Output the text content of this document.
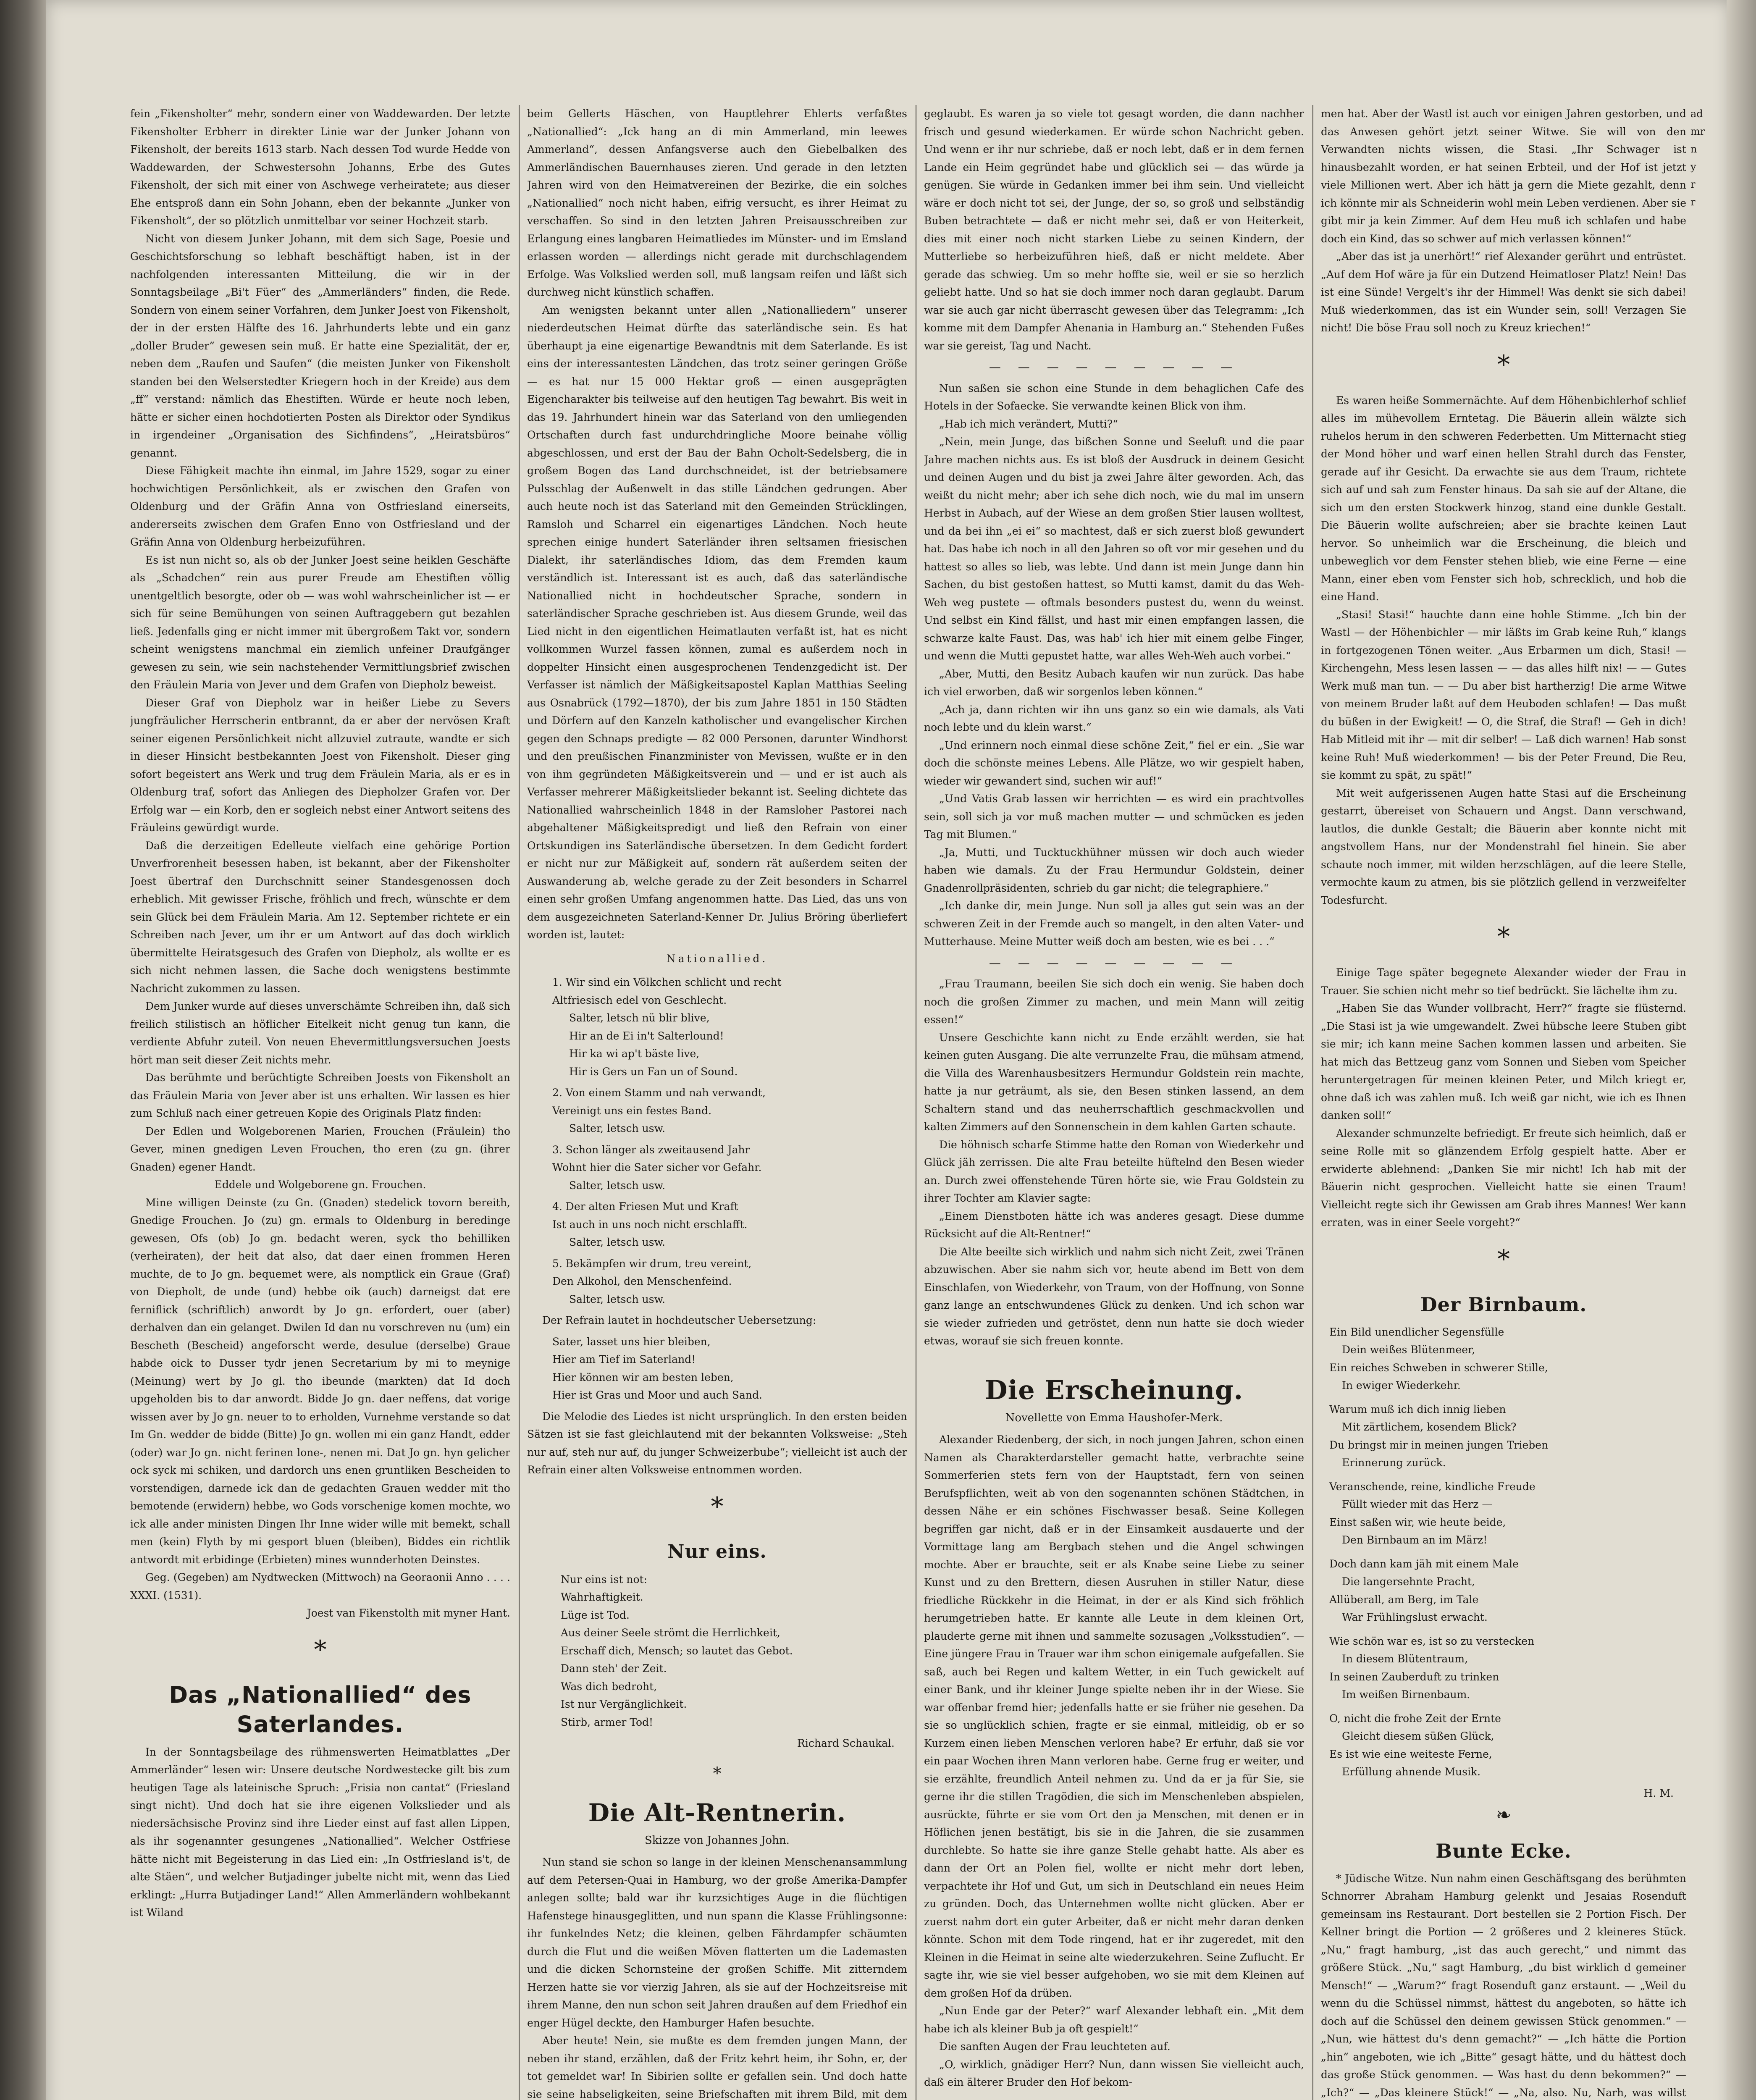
fein „Fikensholter“ mehr, sondern einer von Waddewarden. Der letzte Fikensholter Erbherr in direkter Linie war der Junker Johann von Fikensholt, der bereits 1613 starb. Nach dessen Tod wurde Hedde von Waddewarden, der Schwestersohn Johanns, Erbe des Gutes Fikensholt, der sich mit einer von Aschwege verheiratete; aus dieser Ehe entsproß dann ein Sohn Johann, eben der bekannte „Junker von Fikensholt“, der so plötzlich unmittelbar vor seiner Hochzeit starb.

Nicht von diesem Junker Johann, mit dem sich Sage, Poesie und Geschichtsforschung so lebhaft beschäftigt haben, ist in der nachfolgenden interessanten Mitteilung, die wir in der Sonntagsbeilage „Bi't Füer“ des „Ammerländers“ finden, die Rede. Sondern von einem seiner Vorfahren, dem Junker Joest von Fikensholt, der in der ersten Hälfte des 16. Jahrhunderts lebte und ein ganz „doller Bruder“ gewesen sein muß. Er hatte eine Spezialität, der er, neben dem „Raufen und Saufen“ (die meisten Junker von Fikensholt standen bei den Welserstedter Kriegern hoch in der Kreide) aus dem „ff“ verstand: nämlich das Ehestiften. Würde er heute noch leben, hätte er sicher einen hochdotierten Posten als Direktor oder Syndikus in irgendeiner „Organisation des Sichfindens“, „Heiratsbüros“ genannt.

Diese Fähigkeit machte ihn einmal, im Jahre 1529, sogar zu einer hochwichtigen Persönlichkeit, als er zwischen den Grafen von Oldenburg und der Gräfin Anna von Ostfriesland einerseits, andererseits zwischen dem Grafen Enno von Ostfriesland und der Gräfin Anna von Oldenburg herbeizuführen.

Es ist nun nicht so, als ob der Junker Joest seine heiklen Geschäfte als „Schadchen“ rein aus purer Freude am Ehestiften völlig unentgeltlich besorgte, oder ob — was wohl wahrscheinlicher ist — er sich für seine Bemühungen von seinen Auftraggebern gut bezahlen ließ. Jedenfalls ging er nicht immer mit übergroßem Takt vor, sondern scheint wenigstens manchmal ein ziemlich unfeiner Draufgänger gewesen zu sein, wie sein nachstehender Vermittlungsbrief zwischen den Fräulein Maria von Jever und dem Grafen von Diepholz beweist.

Dieser Graf von Diepholz war in heißer Liebe zu Severs jungfräulicher Herrscherin entbrannt, da er aber der nervösen Kraft seiner eigenen Persönlichkeit nicht allzuviel zutraute, wandte er sich in dieser Hinsicht bestbekannten Joest von Fikensholt. Dieser ging sofort begeistert ans Werk und trug dem Fräulein Maria, als er es in Oldenburg traf, sofort das Anliegen des Diepholzer Grafen vor. Der Erfolg war — ein Korb, den er sogleich nebst einer Antwort seitens des Fräuleins gewürdigt wurde.

Daß die derzeitigen Edelleute vielfach eine gehörige Portion Unverfrorenheit besessen haben, ist bekannt, aber der Fikensholter Joest übertraf den Durchschnitt seiner Standesgenossen doch erheblich. Mit gewisser Frische, fröhlich und frech, wünschte er dem sein Glück bei dem Fräulein Maria. Am 12. September richtete er ein Schreiben nach Jever, um ihr er um Antwort auf das doch wirklich übermittelte Heiratsgesuch des Grafen von Diepholz, als wollte er es sich nicht nehmen lassen, die Sache doch wenigstens bestimmte Nachricht zukommen zu lassen.

Dem Junker wurde auf dieses unverschämte Schreiben ihn, daß sich freilich stilistisch an höflicher Eitelkeit nicht genug tun kann, die verdiente Abfuhr zuteil. Von neuen Ehevermittlungsversuchen Joests hört man seit dieser Zeit nichts mehr.

Das berühmte und berüchtigte Schreiben Joests von Fikensholt an das Fräulein Maria von Jever aber ist uns erhalten. Wir lassen es hier zum Schluß nach einer getreuen Kopie des Originals Platz finden:

Der Edlen und Wolgeborenen Marien, Frouchen (Fräulein) tho Gever, minen gnedigen Leven Frouchen, tho eren (zu gn. (ihrer Gnaden) egener Handt.

Eddele und Wolgeborene gn. Frouchen.

Mine willigen Deinste (zu Gn. (Gnaden) stedelick tovorn bereith, Gnedige Frouchen. Jo (zu) gn. ermals to Oldenburg in beredinge gewesen, Ofs (ob) Jo gn. bedacht weren, syck tho behilliken (verheiraten), der heit dat also, dat daer einen frommen Heren muchte, de to Jo gn. bequemet were, als nomptlick ein Graue (Graf) von Diepholt, de unde (und) hebbe oik (auch) darneigst dat ere ferniflick (schriftlich) anwordt by Jo gn. erfordert, ouer (aber) derhalven dan ein gelanget. Dwilen Id dan nu vorschreven nu (um) ein Bescheth (Bescheid) angeforscht werde, desulue (derselbe) Graue habde oick to Dusser tydr jenen Secretarium by mi to meynige (Meinung) wert by Jo gl. tho ibeunde (markten) dat Id doch upgeholden bis to dar anwordt. Bidde Jo gn. daer neffens, dat vorige wissen aver by Jo gn. neuer to to erholden, Vurnehme verstande so dat Im Gn. wedder de bidde (Bitte) Jo gn. wollen mi ein ganz Handt, edder (oder) war Jo gn. nicht ferinen lone-, nenen mi. Dat Jo gn. hyn gelicher ock syck mi schiken, und dardorch uns enen gruntliken Bescheiden to vorstendigen, darnede ick dan de gedachten Grauen wedder mit tho bemotende (erwidern) hebbe, wo Gods vorschenige komen mochte, wo ick alle ander ministen Dingen Ihr Inne wider wille mit bemekt, schall men (kein) Flyth by mi gesport bluen (bleiben), Biddes ein richtlik antwordt mit erbidinge (Erbieten) mines wunnderhoten Deinstes.

Geg. (Gegeben) am Nydtwecken (Mittwoch) na Georaonii Anno . . . . XXXI. (1531).

Joest van Fikenstolth mit myner Hant.

*
Das „Nationallied“ des Saterlandes.

In der Sonntagsbeilage des rühmenswerten Heimatblattes „Der Ammerländer“ lesen wir: Unsere deutsche Nordwestecke gilt bis zum heutigen Tage als lateinische Spruch: „Frisia non cantat“ (Friesland singt nicht). Und doch hat sie ihre eigenen Volkslieder und als niedersächsische Provinz sind ihre Lieder einst auf fast allen Lippen, als ihr sogenannter gesungenes „Nationallied“. Welcher Ostfriese hätte nicht mit Begeisterung in das Lied ein: „In Ostfriesland is't, de alte Stäen“, und welcher Butjadinger jubelte nicht mit, wenn das Lied erklingt: „Hurra Butjadinger Land!“ Allen Ammerländern wohlbekannt ist Wiland

beim Gellerts Häschen, von Hauptlehrer Ehlerts verfaßtes „Nationallied“: „Ick hang an di min Ammerland, min leewes Ammerland“, dessen Anfangsverse auch den Giebelbalken des Ammerländischen Bauernhauses zieren. Und gerade in den letzten Jahren wird von den Heimatvereinen der Bezirke, die ein solches „Nationallied“ noch nicht haben, eifrig versucht, es ihrer Heimat zu verschaffen. So sind in den letzten Jahren Preisausschreiben zur Erlangung eines langbaren Heimatliedes im Münster- und im Emsland erlassen worden — allerdings nicht gerade mit durchschlagendem Erfolge. Was Volkslied werden soll, muß langsam reifen und läßt sich durchweg nicht künstlich schaffen.

Am wenigsten bekannt unter allen „Nationalliedern“ unserer niederdeutschen Heimat dürfte das saterländische sein. Es hat überhaupt ja eine eigenartige Bewandtnis mit dem Saterlande. Es ist eins der interessantesten Ländchen, das trotz seiner geringen Größe — es hat nur 15 000 Hektar groß — einen ausgeprägten Eigencharakter bis teilweise auf den heutigen Tag bewahrt. Bis weit in das 19. Jahrhundert hinein war das Saterland von den umliegenden Ortschaften durch fast undurchdringliche Moore beinahe völlig abgeschlossen, und erst der Bau der Bahn Ocholt-Sedelsberg, die in großem Bogen das Land durchschneidet, ist der betriebsamere Pulsschlag der Außenwelt in das stille Ländchen gedrungen. Aber auch heute noch ist das Saterland mit den Gemeinden Strücklingen, Ramsloh und Scharrel ein eigenartiges Ländchen. Noch heute sprechen einige hundert Saterländer ihren seltsamen friesischen Dialekt, ihr saterländisches Idiom, das dem Fremden kaum verständlich ist. Interessant ist es auch, daß das saterländische Nationallied nicht in hochdeutscher Sprache, sondern in saterländischer Sprache geschrieben ist. Aus diesem Grunde, weil das Lied nicht in den eigentlichen Heimatlauten verfaßt ist, hat es nicht vollkommen Wurzel fassen können, zumal es außerdem noch in doppelter Hinsicht einen ausgesprochenen Tendenzgedicht ist. Der Verfasser ist nämlich der Mäßigkeitsapostel Kaplan Matthias Seeling aus Osnabrück (1792—1870), der bis zum Jahre 1851 in 150 Städten und Dörfern auf den Kanzeln katholischer und evangelischer Kirchen gegen den Schnaps predigte — 82 000 Personen, darunter Windhorst und den preußischen Finanzminister von Mevissen, wußte er in den von ihm gegründeten Mäßigkeitsverein und — und er ist auch als Verfasser mehrerer Mäßigkeitslieder bekannt ist. Seeling dichtete das Nationallied wahrscheinlich 1848 in der Ramsloher Pastorei nach abgehaltener Mäßigkeitspredigt und ließ den Refrain von einer Ortskundigen ins Saterländische übersetzen. In dem Gedicht fordert er nicht nur zur Mäßigkeit auf, sondern rät außerdem seiten der Auswanderung ab, welche gerade zu der Zeit besonders in Scharrel einen sehr großen Umfang angenommen hatte. Das Lied, das uns von dem ausgezeichneten Saterland-Kenner Dr. Julius Bröring überliefert worden ist, lautet:

Nationallied.
1. Wir sind ein Völkchen schlicht und recht
Altfriesisch edel von Geschlecht.
Salter, letsch nü blir blive,
Hir an de Ei in't Salterlound!
Hir ka wi ap't bäste live,
Hir is Gers un Fan un of Sound.
2. Von einem Stamm und nah verwandt,
Vereinigt uns ein festes Band.
Salter, letsch usw.
3. Schon länger als zweitausend Jahr
Wohnt hier die Sater sicher vor Gefahr.
Salter, letsch usw.
4. Der alten Friesen Mut und Kraft
Ist auch in uns noch nicht erschlafft.
Salter, letsch usw.
5. Bekämpfen wir drum, treu vereint,
Den Alkohol, den Menschenfeind.
Salter, letsch usw.

Der Refrain lautet in hochdeutscher Uebersetzung:

Sater, lasset uns hier bleiben,
Hier am Tief im Saterland!
Hier können wir am besten leben,
Hier ist Gras und Moor und auch Sand.

Die Melodie des Liedes ist nicht ursprünglich. In den ersten beiden Sätzen ist sie fast gleichlautend mit der bekannten Volksweise: „Steh nur auf, steh nur auf, du junger Schweizerbube“; vielleicht ist auch der Refrain einer alten Volksweise entnommen worden.

*
Nur eins.
Nur eins ist not:
Wahrhaftigkeit.
Lüge ist Tod.
Aus deiner Seele strömt die Herrlichkeit,
Erschaff dich, Mensch; so lautet das Gebot.
Dann steh' der Zeit.
Was dich bedroht,
Ist nur Vergänglichkeit.
Stirb, armer Tod!
Richard Schaukal.
*
Die Alt-Rentnerin.
Skizze von Johannes John.

Nun stand sie schon so lange in der kleinen Menschenansammlung auf dem Petersen-Quai in Hamburg, wo der große Amerika-Dampfer anlegen sollte; bald war ihr kurzsichtiges Auge in die flüchtigen Hafenstege hinausgeglitten, und nun spann die Klasse Frühlingsonne: ihr funkelndes Netz; die kleinen, gelben Fährdampfer schäumten durch die Flut und die weißen Möven flatterten um die Lademasten und die dicken Schornsteine der großen Schiffe. Mit zitterndem Herzen hatte sie vor vierzig Jahren, als sie auf der Hochzeitsreise mit ihrem Manne, den nun schon seit Jahren draußen auf dem Friedhof ein enger Hügel deckte, den Hamburger Hafen besuchte.

Aber heute! Nein, sie mußte es dem fremden jungen Mann, der neben ihr stand, erzählen, daß der Fritz kehrt heim, ihr Sohn, er, der tot gemeldet war! In Sibirien sollte er gefallen sein. Und doch hatte sie seine habseligkeiten, seine Briefschaften mit ihrem Bild, mit dem

geglaubt. Es waren ja so viele tot gesagt worden, die dann nachher frisch und gesund wiederkamen. Er würde schon Nachricht geben. Und wenn er ihr nur schriebe, daß er noch lebt, daß er in dem fernen Lande ein Heim gegründet habe und glücklich sei — das würde ja genügen. Sie würde in Gedanken immer bei ihm sein. Und vielleicht wäre er doch nicht tot sei, der Junge, der so, so groß und selbständig Buben betrachtete — daß er nicht mehr sei, daß er von Heiterkeit, dies mit einer noch nicht starken Liebe zu seinen Kindern, der Mutterliebe so herbeizuführen hieß, daß er nicht meldete. Aber gerade das schwieg. Um so mehr hoffte sie, weil er sie so herzlich geliebt hatte. Und so hat sie doch immer noch daran geglaubt. Darum war sie auch gar nicht überrascht gewesen über das Telegramm: „Ich komme mit dem Dampfer Ahenania in Hamburg an.“ Stehenden Fußes war sie gereist, Tag und Nacht.

— — — — — — — — —

Nun saßen sie schon eine Stunde in dem behaglichen Cafe des Hotels in der Sofaecke. Sie verwandte keinen Blick von ihm.

„Hab ich mich verändert, Mutti?“

„Nein, mein Junge, das bißchen Sonne und Seeluft und die paar Jahre machen nichts aus. Es ist bloß der Ausdruck in deinem Gesicht und deinen Augen und du bist ja zwei Jahre älter geworden. Ach, das weißt du nicht mehr; aber ich sehe dich noch, wie du mal im unsern Herbst in Aubach, auf der Wiese an dem großen Stier lausen wolltest, und da bei ihn „ei ei“ so machtest, daß er sich zuerst bloß gewundert hat. Das habe ich noch in all den Jahren so oft vor mir gesehen und du hattest so alles so lieb, was lebte. Und dann ist mein Junge dann hin Sachen, du bist gestoßen hattest, so Mutti kamst, damit du das Weh-Weh weg pustete — oftmals besonders pustest du, wenn du weinst. Und selbst ein Kind fällst, und hast mir einen empfangen lassen, die schwarze kalte Faust. Das, was hab' ich hier mit einem gelbe Finger, und wenn die Mutti gepustet hatte, war alles Weh-Weh auch vorbei.“

„Aber, Mutti, den Besitz Aubach kaufen wir nun zurück. Das habe ich viel erworben, daß wir sorgenlos leben können.“

„Ach ja, dann richten wir ihn uns ganz so ein wie damals, als Vati noch lebte und du klein warst.“

„Und erinnern noch einmal diese schöne Zeit,“ fiel er ein. „Sie war doch die schönste meines Lebens. Alle Plätze, wo wir gespielt haben, wieder wir gewandert sind, suchen wir auf!“

„Und Vatis Grab lassen wir herrichten — es wird ein prachtvolles sein, soll sich ja vor muß machen mutter — und schmücken es jeden Tag mit Blumen.“

„Ja, Mutti, und Tucktuckhühner müssen wir doch auch wieder haben wie damals. Zu der Frau Hermundur Goldstein, deiner Gnadenrollpräsidenten, schrieb du gar nicht; die telegraphiere.“

„Ich danke dir, mein Junge. Nun soll ja alles gut sein was an der schweren Zeit in der Fremde auch so mangelt, in den alten Vater- und Mutterhause. Meine Mutter weiß doch am besten, wie es bei . . .“

— — — — — — — — —

„Frau Traumann, beeilen Sie sich doch ein wenig. Sie haben doch noch die großen Zimmer zu machen, und mein Mann will zeitig essen!“

Unsere Geschichte kann nicht zu Ende erzählt werden, sie hat keinen guten Ausgang. Die alte verrunzelte Frau, die mühsam atmend, die Villa des Warenhausbesitzers Hermundur Goldstein rein machte, hatte ja nur geträumt, als sie, den Besen stinken lassend, an dem Schaltern stand und das neuherrschaftlich geschmackvollen und kalten Zimmers auf den Sonnenschein in dem kahlen Garten schaute.

Die höhnisch scharfe Stimme hatte den Roman von Wiederkehr und Glück jäh zerrissen. Die alte Frau beteilte hüftelnd den Besen wieder an. Durch zwei offenstehende Türen hörte sie, wie Frau Goldstein zu ihrer Tochter am Klavier sagte:

„Einem Dienstboten hätte ich was anderes gesagt. Diese dumme Rücksicht auf die Alt-Rentner!“

Die Alte beeilte sich wirklich und nahm sich nicht Zeit, zwei Tränen abzuwischen. Aber sie nahm sich vor, heute abend im Bett von dem Einschlafen, von Wiederkehr, von Traum, von der Hoffnung, von Sonne ganz lange an entschwundenes Glück zu denken. Und ich schon war sie wieder zufrieden und getröstet, denn nun hatte sie doch wieder etwas, worauf sie sich freuen konnte.

Die Erscheinung.
Novellette von Emma Haushofer-Merk.

Alexander Riedenberg, der sich, in noch jungen Jahren, schon einen Namen als Charakterdarsteller gemacht hatte, verbrachte seine Sommerferien stets fern von der Hauptstadt, fern von seinen Berufspflichten, weit ab von den sogenannten schönen Städtchen, in dessen Nähe er ein schönes Fischwasser besaß. Seine Kollegen begriffen gar nicht, daß er in der Einsamkeit ausdauerte und der Vormittage lang am Bergbach stehen und die Angel schwingen mochte. Aber er brauchte, seit er als Knabe seine Liebe zu seiner Kunst und zu den Brettern, diesen Ausruhen in stiller Natur, diese friedliche Rückkehr in die Heimat, in der er als Kind sich fröhlich herumgetrieben hatte. Er kannte alle Leute in dem kleinen Ort, plauderte gerne mit ihnen und sammelte sozusagen „Volksstudien“. — Eine jüngere Frau in Trauer war ihm schon einigemale aufgefallen. Sie saß, auch bei Regen und kaltem Wetter, in ein Tuch gewickelt auf einer Bank, und ihr kleiner Junge spielte neben ihr in der Wiese. Sie war offenbar fremd hier; jedenfalls hatte er sie früher nie gesehen. Da sie so unglücklich schien, fragte er sie einmal, mitleidig, ob er so Kurzem einen lieben Menschen verloren habe? Er erfuhr, daß sie vor ein paar Wochen ihren Mann verloren habe. Gerne frug er weiter, und sie erzählte, freundlich Anteil nehmen zu. Und da er ja für Sie, sie gerne ihr die stillen Tragödien, die sich im Menschenleben abspielen, ausrückte, führte er sie vom Ort den ja Menschen, mit denen er in Höflichen jenen bestätigt, bis sie in die Jahren, die sie zusammen durchlebte. So hatte sie ihre ganze Stelle gehabt hatte. Als aber es dann der Ort an Polen fiel, wollte er nicht mehr dort leben, verpachtete ihr Hof und Gut, um sich in Deutschland ein neues Heim zu gründen. Doch, das Unternehmen wollte nicht glücken. Aber er zuerst nahm dort ein guter Arbeiter, daß er nicht mehr daran denken könnte. Schon mit dem Tode ringend, hat er ihr zugeredet, mit den Kleinen in die Heimat in seine alte wiederzukehren. Seine Zuflucht. Er sagte ihr, wie sie viel besser aufgehoben, wo sie mit dem Kleinen auf dem großen Hof da drüben.

„Nun Ende gar der Peter?“ warf Alexander lebhaft ein. „Mit dem habe ich als kleiner Bub ja oft gespielt!“

Die sanften Augen der Frau leuchteten auf.

„O, wirklich, gnädiger Herr? Nun, dann wissen Sie vielleicht auch, daß ein älterer Bruder den Hof bekom-

men hat. Aber der Wastl ist auch vor einigen Jahren gestorben, und das Anwesen gehört jetzt seiner Witwe. Sie will von den Verwandten nichts wissen, die Stasi. „Ihr Schwager ist hinausbezahlt worden, er hat seinen Erbteil, und der Hof ist jetzt viele Millionen wert. Aber ich hätt ja gern die Miete gezahlt, denn ich könnte mir als Schneiderin wohl mein Leben verdienen. Aber sie gibt mir ja kein Zimmer. Auf dem Heu muß ich schlafen und habe doch ein Kind, das so schwer auf mich verlassen können!“

„Aber das ist ja unerhört!“ rief Alexander gerührt und entrüstet. „Auf dem Hof wäre ja für ein Dutzend Heimatloser Platz! Nein! Das ist eine Sünde! Vergelt's ihr der Himmel! Was denkt sie sich dabei! Muß wiederkommen, das ist ein Wunder sein, soll! Verzagen Sie nicht! Die böse Frau soll noch zu Kreuz kriechen!“

*

Es waren heiße Sommernächte. Auf dem Höhenbichlerhof schlief alles im mühevollem Erntetag. Die Bäuerin allein wälzte sich ruhelos herum in den schweren Federbetten. Um Mitternacht stieg der Mond höher und warf einen hellen Strahl durch das Fenster, gerade auf ihr Gesicht. Da erwachte sie aus dem Traum, richtete sich auf und sah zum Fenster hinaus. Da sah sie auf der Altane, die sich um den ersten Stockwerk hinzog, stand eine dunkle Gestalt. Die Bäuerin wollte aufschreien; aber sie brachte keinen Laut hervor. So unheimlich war die Erscheinung, die bleich und unbeweglich vor dem Fenster stehen blieb, wie eine Ferne — eine Mann, einer eben vom Fenster sich hob, schrecklich, und hob die eine Hand.

„Stasi! Stasi!“ hauchte dann eine hohle Stimme. „Ich bin der Wastl — der Höhenbichler — mir läßts im Grab keine Ruh,“ klangs in fortgezogenen Tönen weiter. „Aus Erbarmen um dich, Stasi! — Kirchengehn, Mess lesen lassen — — das alles hilft nix! — — Gutes Werk muß man tun. — — Du aber bist hartherzig! Die arme Witwe von meinem Bruder laßt auf dem Heuboden schlafen! — Das mußt du büßen in der Ewigkeit! — O, die Straf, die Straf! — Geh in dich! Hab Mitleid mit ihr — mit dir selber! — Laß dich warnen! Hab sonst keine Ruh! Muß wiederkommen! — bis der Peter Freund, Die Reu, sie kommt zu spät, zu spät!“

Mit weit aufgerissenen Augen hatte Stasi auf die Erscheinung gestarrt, übereiset von Schauern und Angst. Dann verschwand, lautlos, die dunkle Gestalt; die Bäuerin aber konnte nicht mit angstvollem Hans, nur der Mondenstrahl fiel hinein. Sie aber schaute noch immer, mit wilden herzschlägen, auf die leere Stelle, vermochte kaum zu atmen, bis sie plötzlich gellend in verzweifelter Todesfurcht.

*

Einige Tage später begegnete Alexander wieder der Frau in Trauer. Sie schien nicht mehr so tief bedrückt. Sie lächelte ihm zu.

„Haben Sie das Wunder vollbracht, Herr?“ fragte sie flüsternd. „Die Stasi ist ja wie umgewandelt. Zwei hübsche leere Stuben gibt sie mir; ich kann meine Sachen kommen lassen und arbeiten. Sie hat mich das Bettzeug ganz vom Sonnen und Sieben vom Speicher heruntergetragen für meinen kleinen Peter, und Milch kriegt er, ohne daß ich was zahlen muß. Ich weiß gar nicht, wie ich es Ihnen danken soll!“

Alexander schmunzelte befriedigt. Er freute sich heimlich, daß er seine Rolle mit so glänzendem Erfolg gespielt hatte. Aber er erwiderte ablehnend: „Danken Sie mir nicht! Ich hab mit der Bäuerin nicht gesprochen. Vielleicht hatte sie einen Traum! Vielleicht regte sich ihr Gewissen am Grab ihres Mannes! Wer kann erraten, was in einer Seele vorgeht?“

*
Der Birnbaum.
Ein Bild unendlicher Segensfülle
Dein weißes Blütenmeer,
Ein reiches Schweben in schwerer Stille,
In ewiger Wiederkehr.
Warum muß ich dich innig lieben
Mit zärtlichem, kosendem Blick?
Du bringst mir in meinen jungen Trieben
Erinnerung zurück.
Veranschende, reine, kindliche Freude
Füllt wieder mit das Herz —
Einst saßen wir, wie heute beide,
Den Birnbaum an im März!
Doch dann kam jäh mit einem Male
Die langersehnte Pracht,
Allüberall, am Berg, im Tale
War Frühlingslust erwacht.
Wie schön war es, ist so zu verstecken
In diesem Blütentraum,
In seinen Zauberduft zu trinken
Im weißen Birnenbaum.
O, nicht die frohe Zeit der Ernte
Gleicht diesem süßen Glück,
Es ist wie eine weiteste Ferne,
Erfüllung ahnende Musik.
H. M.
❧
Bunte Ecke.

* Jüdische Witze. Nun nahm einen Geschäftsgang des berühmten Schnorrer Abraham Hamburg gelenkt und Jesaias Rosenduft gemeinsam ins Restaurant. Dort bestellen sie 2 Portion Fisch. Der Kellner bringt die Portion — 2 größeres und 2 kleineres Stück. „Nu,“ fragt hamburg, „ist das auch gerecht,“ und nimmt das größere Stück. „Nu,“ sagt Hamburg, „du bist wirklich d gemeiner Mensch!“ — „Warum?“ fragt Rosenduft ganz erstaunt. — „Weil du wenn du die Schüssel nimmst, hättest du angeboten, so hätte ich doch auf die Schüssel den deinem gewissen Stück genommen.“ — „Nun, wie hättest du's denn gemacht?“ — „Ich hätte die Portion „hin“ angeboten, wie ich „Bitte“ gesagt hätte, und du hättest doch das große Stück genommen. — Was hast du denn bekommen?“ — „Ich?“ — „Das kleinere Stück!“ — „Na, also. Nu, Narh, was willst

ad
mr
n
y
r
r
